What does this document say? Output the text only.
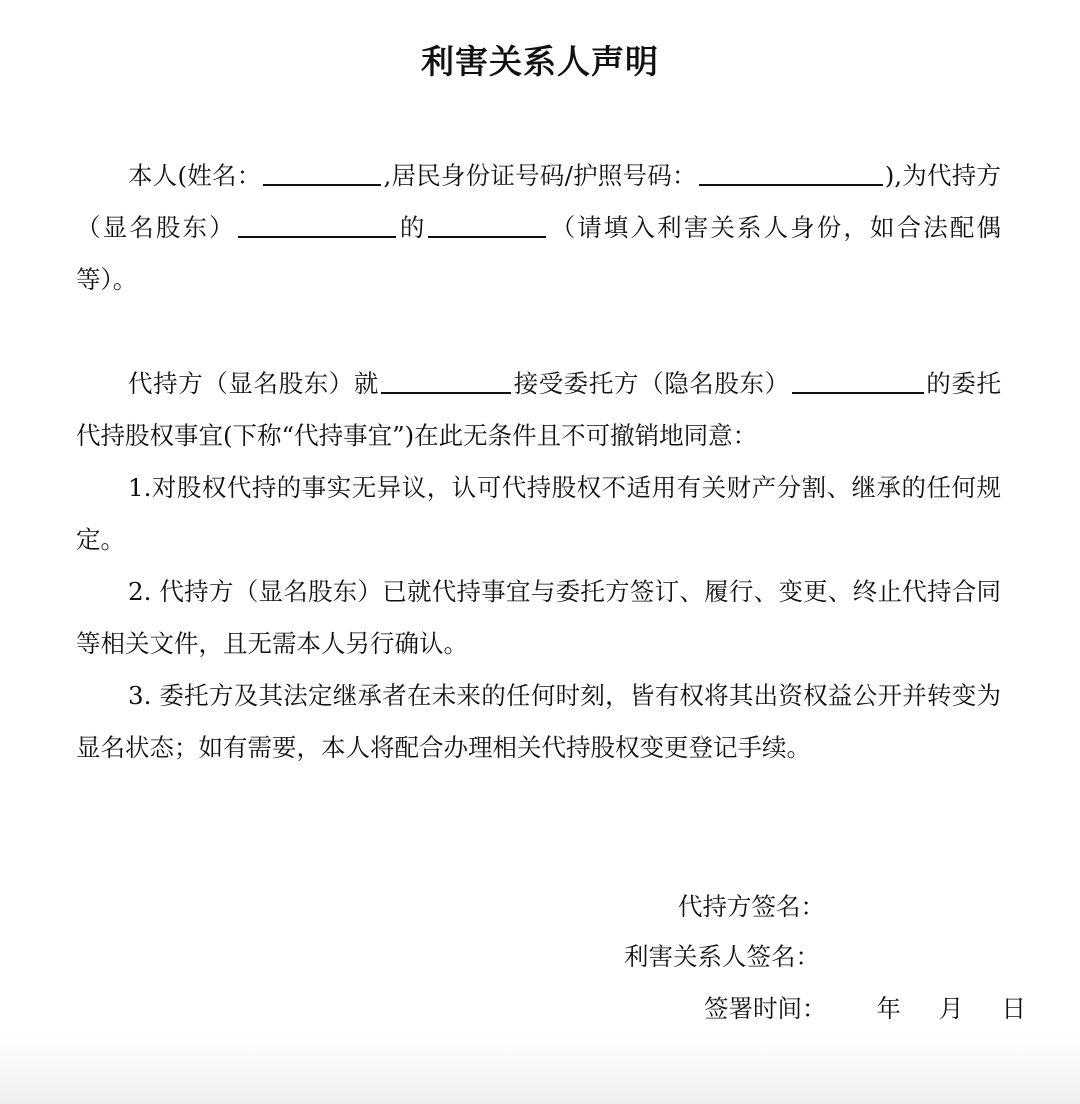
利害关系人声明

本人(姓名：	,居民身份证号码/护照号码：	),为代持方（显名股东）	的	（请填入利害关系人身份，如合法配偶等）。

代持方（显名股东）就	接受委托方（隐名股东）	的委托代持股权事宜(下称“代持事宜”)在此无条件且不可撤销地同意：

1.对股权代持的事实无异议，认可代持股权不适用有关财产分割、继承的任何规定。

2. 代持方（显名股东）已就代持事宜与委托方签订、履行、变更、终止代持合同等相关文件，且无需本人另行确认。

3. 委托方及其法定继承者在未来的任何时刻，皆有权将其出资权益公开并转变为显名状态；如有需要，本人将配合办理相关代持股权变更登记手续。

代持方签名：

利害关系人签名：

签署时间： 年 月 日
